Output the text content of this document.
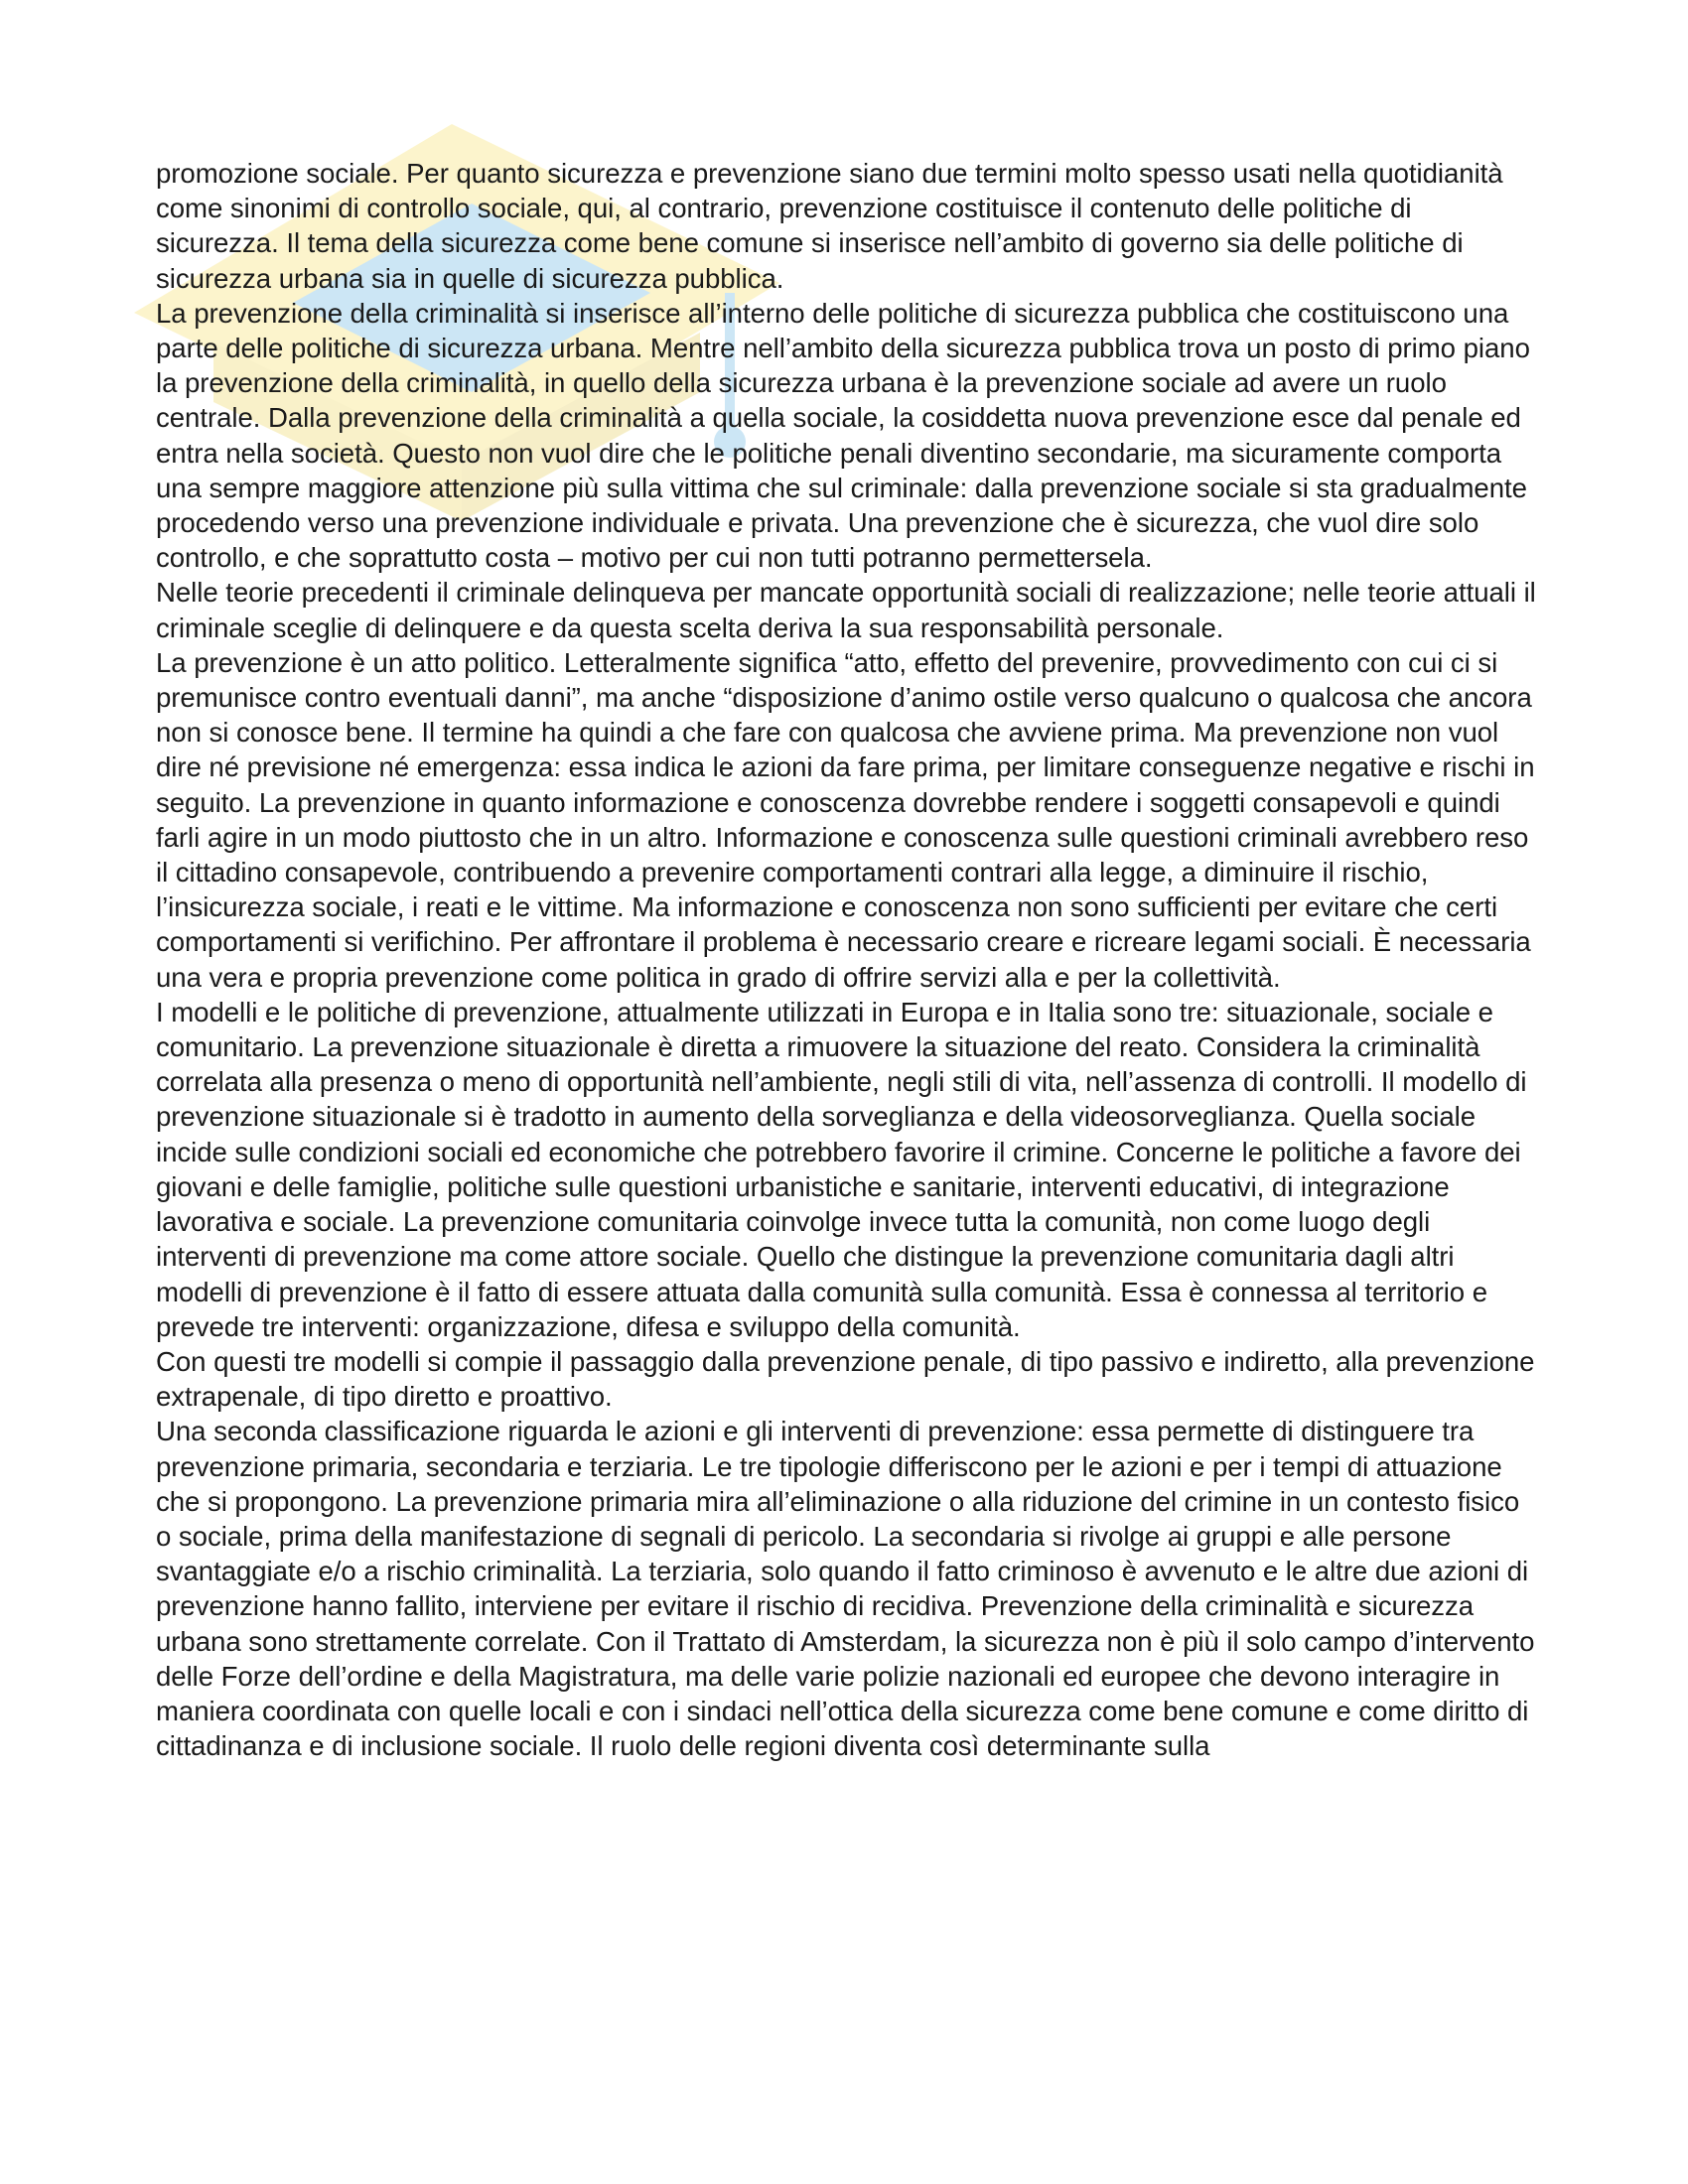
promozione sociale. Per quanto sicurezza e prevenzione siano due termini molto spesso usati nella quotidianità come sinonimi di controllo sociale, qui, al contrario, prevenzione costituisce il contenuto delle politiche di sicurezza. Il tema della sicurezza come bene comune si inserisce nell’ambito di governo sia delle politiche di sicurezza urbana sia in quelle di sicurezza pubblica.

La prevenzione della criminalità si inserisce all’interno delle politiche di sicurezza pubblica che costituiscono una parte delle politiche di sicurezza urbana. Mentre nell’ambito della sicurezza pubblica trova un posto di primo piano la prevenzione della criminalità, in quello della sicurezza urbana è la prevenzione sociale ad avere un ruolo centrale. Dalla prevenzione della criminalità a quella sociale, la cosiddetta nuova prevenzione esce dal penale ed entra nella società. Questo non vuol dire che le politiche penali diventino secondarie, ma sicuramente comporta una sempre maggiore attenzione più sulla vittima che sul criminale: dalla prevenzione sociale si sta gradualmente procedendo verso una prevenzione individuale e privata. Una prevenzione che è sicurezza, che vuol dire solo controllo, e che soprattutto costa – motivo per cui non tutti potranno permettersela.

Nelle teorie precedenti il criminale delinqueva per mancate opportunità sociali di realizzazione; nelle teorie attuali il criminale sceglie di delinquere e da questa scelta deriva la sua responsabilità personale.

La prevenzione è un atto politico. Letteralmente significa “atto, effetto del prevenire, provvedimento con cui ci si premunisce contro eventuali danni”, ma anche “disposizione d’animo ostile verso qualcuno o qualcosa che ancora non si conosce bene. Il termine ha quindi a che fare con qualcosa che avviene prima. Ma prevenzione non vuol dire né previsione né emergenza: essa indica le azioni da fare prima, per limitare conseguenze negative e rischi in seguito. La prevenzione in quanto informazione e conoscenza dovrebbe rendere i soggetti consapevoli e quindi farli agire in un modo piuttosto che in un altro. Informazione e conoscenza sulle questioni criminali avrebbero reso il cittadino consapevole, contribuendo a prevenire comportamenti contrari alla legge, a diminuire il rischio, l’insicurezza sociale, i reati e le vittime. Ma informazione e conoscenza non sono sufficienti per evitare che certi comportamenti si verifichino. Per affrontare il problema è necessario creare e ricreare legami sociali. È necessaria una vera e propria prevenzione come politica in grado di offrire servizi alla e per la collettività.

I modelli e le politiche di prevenzione, attualmente utilizzati in Europa e in Italia sono tre: situazionale, sociale e comunitario. La prevenzione situazionale è diretta a rimuovere la situazione del reato. Considera la criminalità correlata alla presenza o meno di opportunità nell’ambiente, negli stili di vita, nell’assenza di controlli. Il modello di prevenzione situazionale si è tradotto in aumento della sorveglianza e della videosorveglianza. Quella sociale incide sulle condizioni sociali ed economiche che potrebbero favorire il crimine. Concerne le politiche a favore dei giovani e delle famiglie, politiche sulle questioni urbanistiche e sanitarie, interventi educativi, di integrazione lavorativa e sociale. La prevenzione comunitaria coinvolge invece tutta la comunità, non come luogo degli interventi di prevenzione ma come attore sociale. Quello che distingue la prevenzione comunitaria dagli altri modelli di prevenzione è il fatto di essere attuata dalla comunità sulla comunità. Essa è connessa al territorio e prevede tre interventi: organizzazione, difesa e sviluppo della comunità.

Con questi tre modelli si compie il passaggio dalla prevenzione penale, di tipo passivo e indiretto, alla prevenzione extrapenale, di tipo diretto e proattivo.

Una seconda classificazione riguarda le azioni e gli interventi di prevenzione: essa permette di distinguere tra prevenzione primaria, secondaria e terziaria. Le tre tipologie differiscono per le azioni e per i tempi di attuazione che si propongono. La prevenzione primaria mira all’eliminazione o alla riduzione del crimine in un contesto fisico o sociale, prima della manifestazione di segnali di pericolo. La secondaria si rivolge ai gruppi e alle persone svantaggiate e/o a rischio criminalità. La terziaria, solo quando il fatto criminoso è avvenuto e le altre due azioni di prevenzione hanno fallito, interviene per evitare il rischio di recidiva. Prevenzione della criminalità e sicurezza urbana sono strettamente correlate. Con il Trattato di Amsterdam, la sicurezza non è più il solo campo d’intervento delle Forze dell’ordine e della Magistratura, ma delle varie polizie nazionali ed europee che devono interagire in maniera coordinata con quelle locali e con i sindaci nell’ottica della sicurezza come bene comune e come diritto di cittadinanza e di inclusione sociale. Il ruolo delle regioni diventa così determinante sulla
